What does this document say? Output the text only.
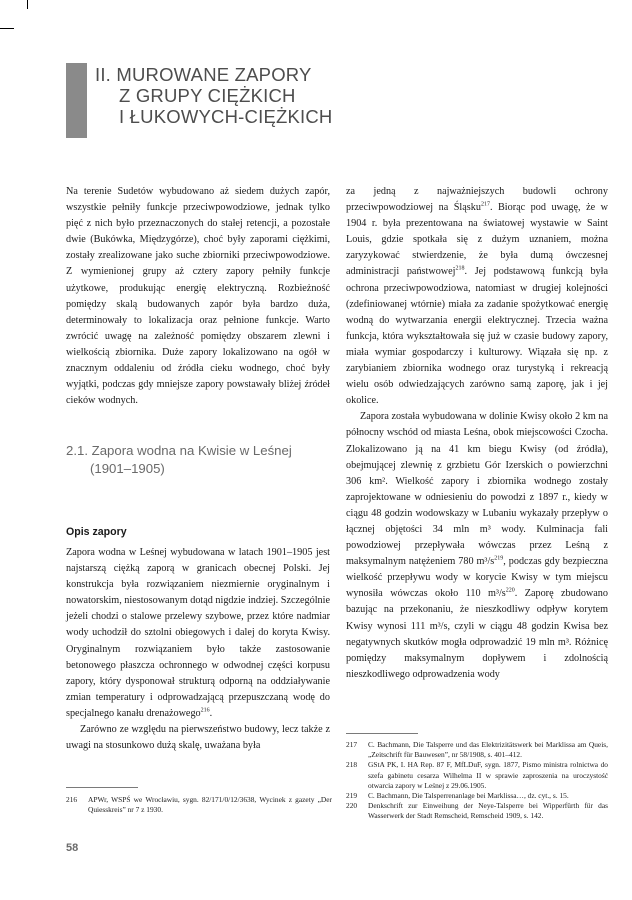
II. MUROWANE ZAPORY
Z GRUPY CIĘŻKICH
I ŁUKOWYCH-CIĘŻKICH

Na terenie Sudetów wybudowano aż siedem dużych zapór, wszystkie pełniły funkcje przeciwpowodziowe, jednak tylko pięć z nich było przeznaczonych do stałej retencji, a pozostałe dwie (Bukówka, Międzygórze), choć były zaporami ciężkimi, zostały zrealizowane jako suche zbiorniki przeciwpowodziowe. Z wymienionej grupy aż cztery zapory pełniły funkcje użytkowe, produkując energię elektryczną. Rozbieżność pomiędzy skalą budowanych zapór była bardzo duża, determinowały to lokalizacja oraz pełnione funkcje. Warto zwrócić uwagę na zależność pomiędzy obszarem zlewni i wielkością zbiornika. Duże zapory lokalizowano na ogół w znacznym oddaleniu od źródła cieku wodnego, choć były wyjątki, podczas gdy mniejsze zapory powstawały bliżej źródeł cieków wodnych.

2.1. Zapora wodna na Kwisie w Leśnej
(1901–1905)
Opis zapory

Zapora wodna w Leśnej wybudowana w latach 1901–1905 jest najstarszą ciężką zaporą w granicach obecnej Polski. Jej konstrukcja była rozwiązaniem niezmiernie oryginalnym i nowatorskim, niestosowanym dotąd nigdzie indziej. Szczególnie jeżeli chodzi o stalowe przelewy szybowe, przez które nadmiar wody uchodził do sztolni obiegowych i dalej do koryta Kwisy. Oryginalnym rozwiązaniem było także zastosowanie betonowego płaszcza ochronnego w odwodnej części korpusu zapory, który dysponował strukturą odporną na oddziaływanie zmian temperatury i odprowadzającą przepuszczaną wodę do specjalnego kanału drenażowego$^{216}$.

Zarówno ze względu na pierwszeństwo budowy, lecz także z uwagi na stosunkowo dużą skalę, uważana była

za jedną z najważniejszych budowli ochrony przeciwpowodziowej na Śląsku$^{217}$. Biorąc pod uwagę, że w 1904 r. była prezentowana na światowej wystawie w Saint Louis, gdzie spotkała się z dużym uznaniem, można zaryzykować stwierdzenie, że była dumą ówczesnej administracji państwowej$^{218}$. Jej podstawową funkcją była ochrona przeciwpowodziowa, natomiast w drugiej kolejności (zdefiniowanej wtórnie) miała za zadanie spożytkować energię wodną do wytwarzania energii elektrycznej. Trzecia ważna funkcja, która wykształtowała się już w czasie budowy zapory, miała wymiar gospodarczy i kulturowy. Wiązała się np. z zarybianiem zbiornika wodnego oraz turystyką i rekreacją wielu osób odwiedzających zarówno samą zaporę, jak i jej okolice.

Zapora została wybudowana w dolinie Kwisy około 2 km na północny wschód od miasta Leśna, obok miejscowości Czocha. Zlokalizowano ją na 41 km biegu Kwisy (od źródła), obejmującej zlewnię z grzbietu Gór Izerskich o powierzchni 306 km². Wielkość zapory i zbiornika wodnego zostały zaprojektowane w odniesieniu do powodzi z 1897 r., kiedy w ciągu 48 godzin wodowskazy w Lubaniu wykazały przepływ o łącznej objętości 34 mln m³ wody. Kulminacja fali powodziowej przepływała wówczas przez Leśną z maksymalnym natężeniem 780 $m^3/s^{219}$, podczas gdy bezpieczna wielkość przepływu wody w korycie Kwisy w tym miejscu wynosiła wówczas około 110 $m^3/s^{220}$. Zaporę zbudowano bazując na przekonaniu, że nieszkodliwy odpływ korytem Kwisy wynosi 111 m³/s, czyli w ciągu 48 godzin Kwisa bez negatywnych skutków mogła odprowadzić 19 mln m³. Różnicę pomiędzy maksymalnym dopływem i zdolnością nieszkodliwego odprowadzenia wody

217	C. Bachmann, Die Talsperre und das Elektrizitätswerk bei Marklissa am Queis, „Zeitschrift für Bauwesen”, nr 58/1908, s. 401–412.
218	GStA PK, I. HA Rep. 87 F, MfLDuF, sygn. 1877, Pismo ministra rolnictwa do szefa gabinetu cesarza Wilhelma II w sprawie zaproszenia na uroczystość otwarcia zapory w Leśnej z 29.06.1905.
219	C. Bachmann, Die Talsperrenanlage bei Marklissa…, dz. cyt., s. 15.
220	Denkschrift zur Einweihung der Neye-Talsperre bei Wipperfürth für das Wasserwerk der Stadt Remscheid, Remscheid 1909, s. 142.
216	APWr, WSPŚ we Wrocławiu, sygn. 82/171/0/12/3638, Wycinek z gazety „Der Quiesskreis” nr 7 z 1930.
58
